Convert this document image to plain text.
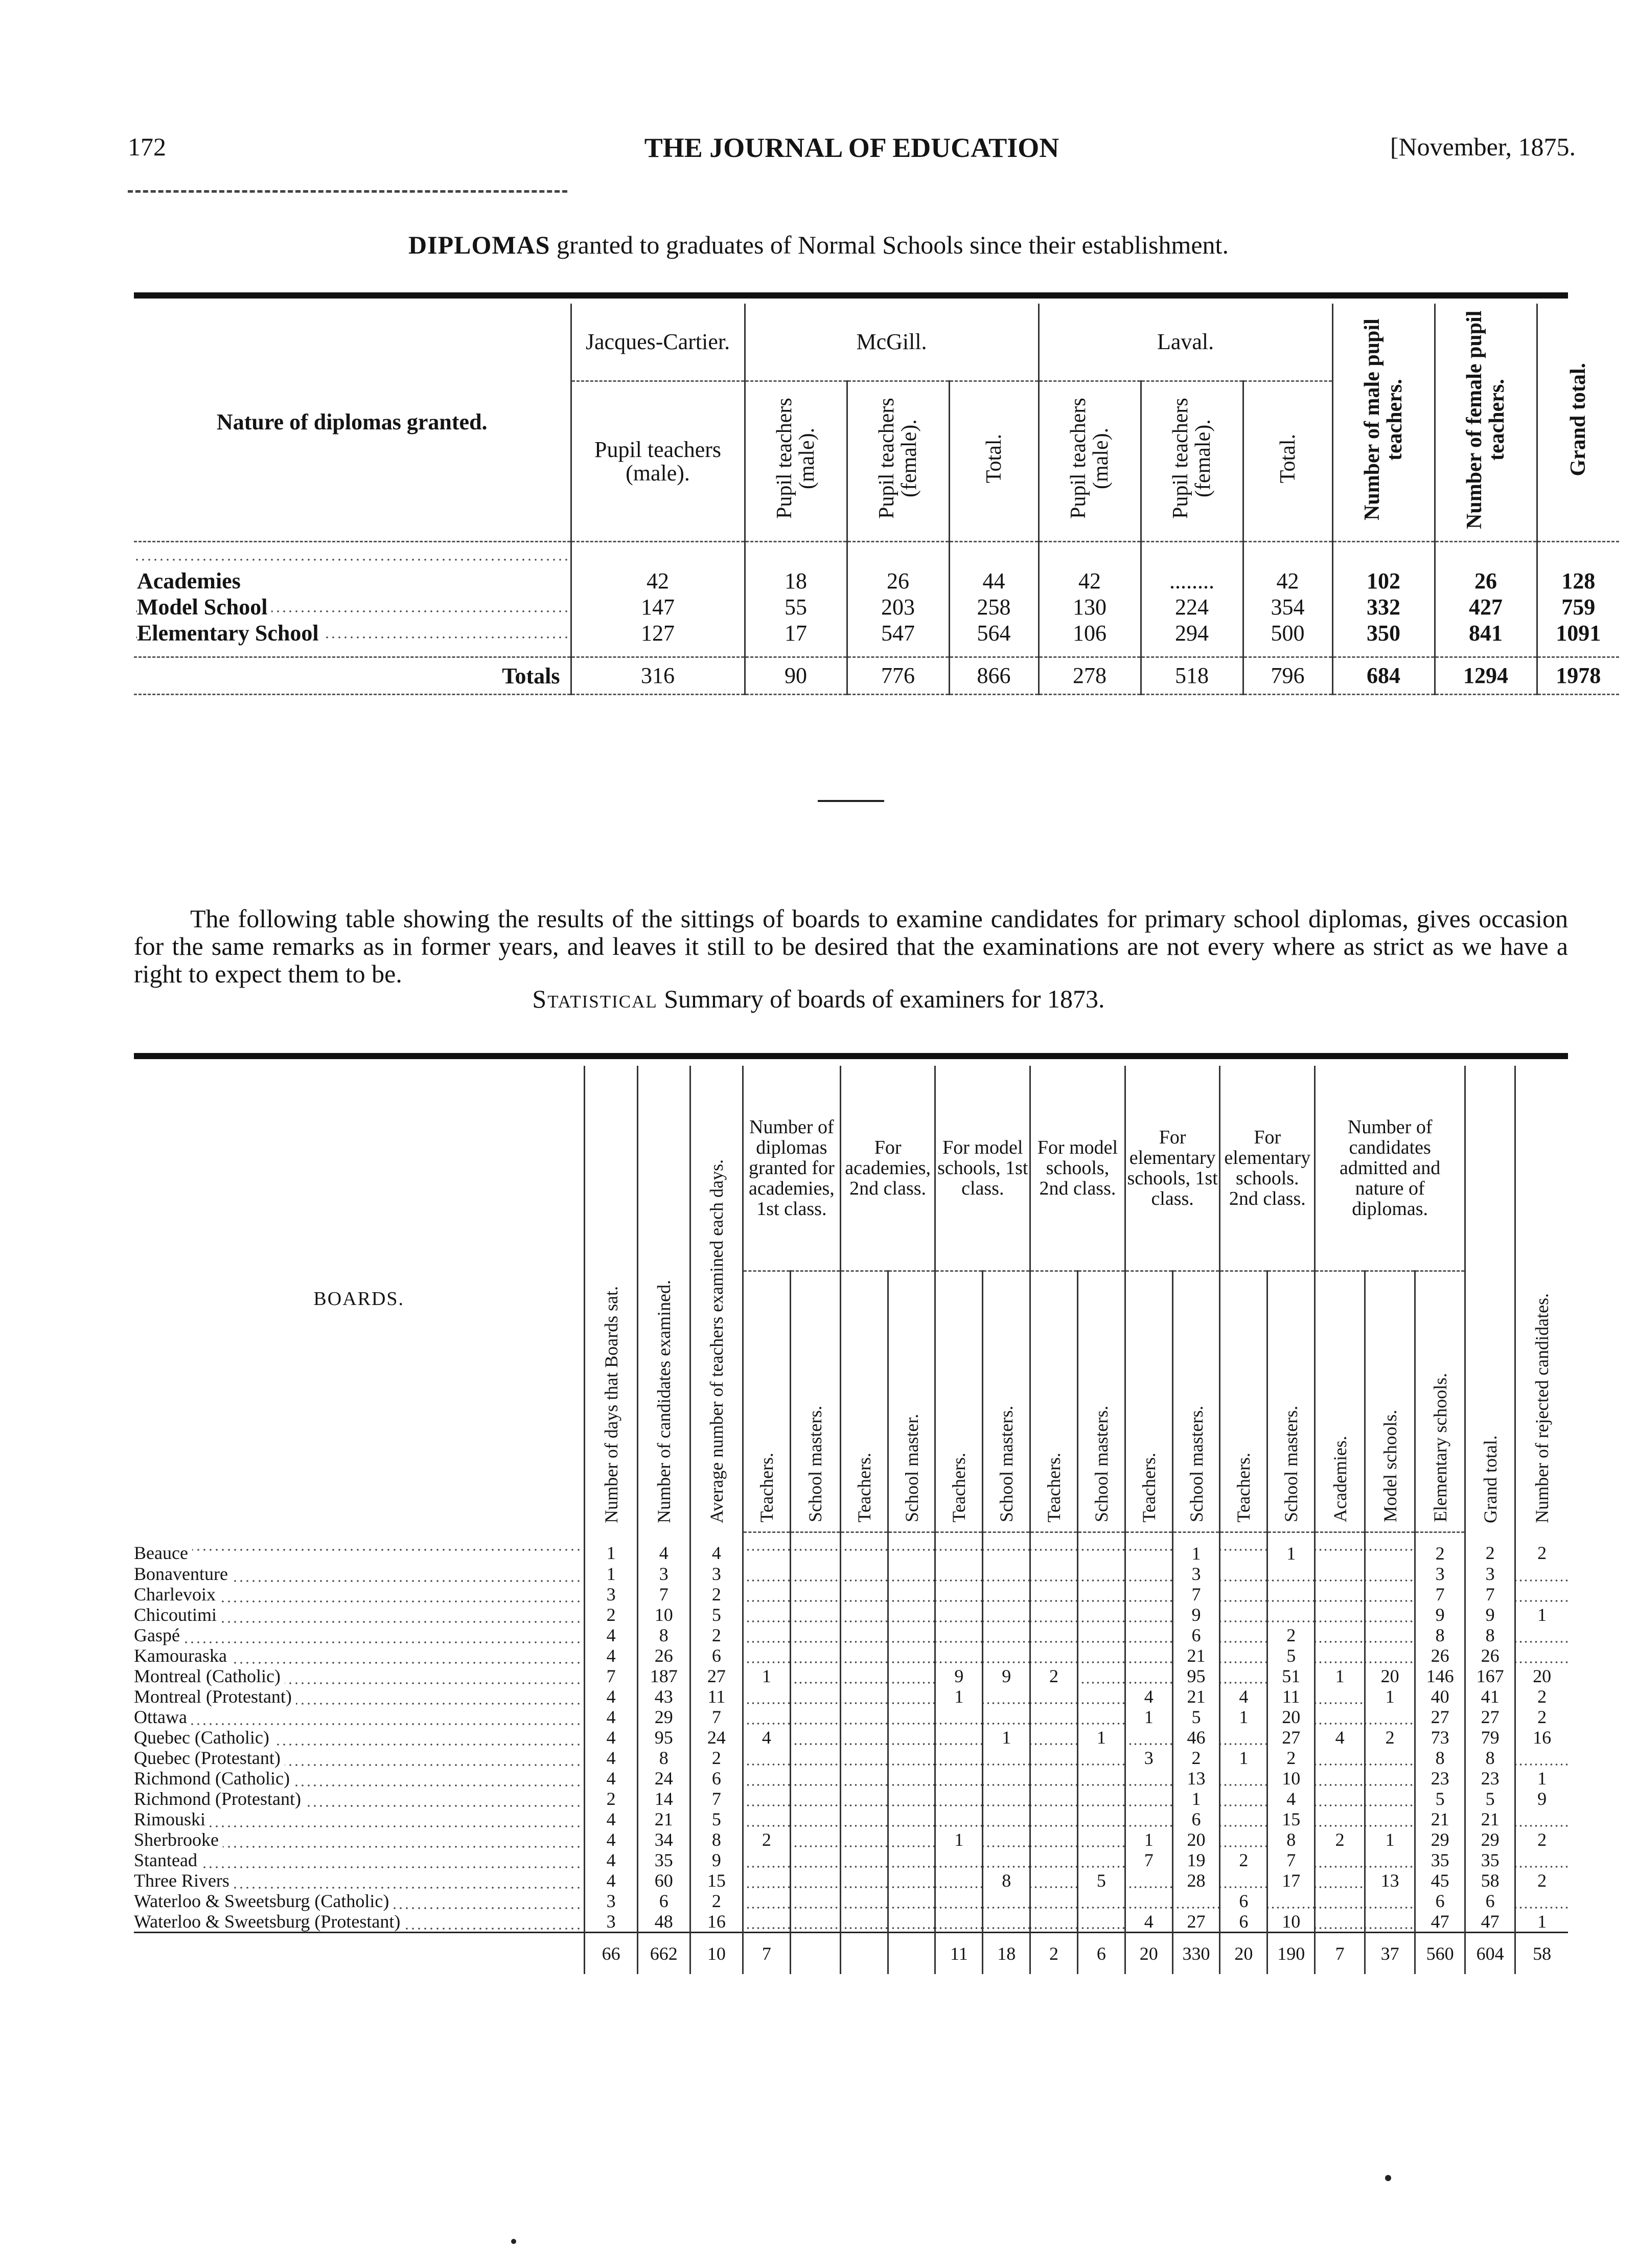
172	THE JOURNAL OF EDUCATION	[November, 1875.
DIPLOMAS granted to graduates of Normal Schools since their establishment.
Nature of diplomas granted.	Jacques-Cartier.	McGill.			Laval.			Number of male pupil teachers.	Number of female pupil teachers.	Grand total.
	Pupil teachers (male).	Pupil teachers (male).	Pupil teachers (female).	Total.	Pupil teachers (male).	Pupil teachers (female).	Total.			
Academies	42	18	26	44	42	........	42	102	26	128
Model School	147	55	203	258	130	224	354	332	427	759
Elementary School	127	17	547	564	106	294	500	350	841	1091

Totals	316	90	776	866	278	518	796	684	1294	1978

The following table showing the results of the sittings of boards to examine candidates for primary school diplomas, gives occasion for the same remarks as in former years, and leaves it still to be desired that the examinations are not every where as strict as we have a right to expect them to be.

Statistical Summary of boards of examiners for 1873.
BOARDS.	Number of days that Boards sat.	Number of candidates examined.	Average number of teachers examined each days.	Number of diplomas granted for academies, 1st class.		For academies, 2nd class.		For model schools, 1st class.		For model schools, 2nd class.		For elementary schools, 1st class.		For elementary schools. 2nd class.		Number of candidates admitted and nature of diplomas.			Grand total.	Number of rejected candidates.
				Teachers.	School masters.	Teachers.	School master.	Teachers.	School masters.	Teachers.	School masters.	Teachers.	School masters.	Teachers.	School masters.	Academies.	Model schools.	Elementary schools.		
Beauce	1	4	4										1		1			2	2	2
Bonaventure	1	3	3										3					3	3	
Charlevoix	3	7	2										7					7	7	
Chicoutimi	2	10	5										9					9	9	1
Gaspé	4	8	2										6		2			8	8	
Kamouraska	4	26	6										21		5			26	26	
Montreal (Catholic)	7	187	27	1				9	9	2			95		51	1	20	146	167	20
Montreal (Protestant)	4	43	11					1				4	21	4	11		1	40	41	2
Ottawa	4	29	7									1	5	1	20			27	27	2
Quebec (Catholic)	4	95	24	4					1		1		46		27	4	2	73	79	16
Quebec (Protestant)	4	8	2									3	2	1	2			8	8	
Richmond (Catholic)	4	24	6										13		10			23	23	1
Richmond (Protestant)	2	14	7										1		4			5	5	9
Rimouski	4	21	5										6		15			21	21	
Sherbrooke	4	34	8	2				1				1	20		8	2	1	29	29	2
Stantead	4	35	9									7	19	2	7			35	35	
Three Rivers	4	60	15						8		5		28		17		13	45	58	2
Waterloo & Sweetsburg (Catholic)	3	6	2											6				6	6	
Waterloo & Sweetsburg (Protestant)	3	48	16									4	27	6	10			47	47	1
	66	662	10	7				11	18	2	6	20	330	20	190	7	37	560	604	58
